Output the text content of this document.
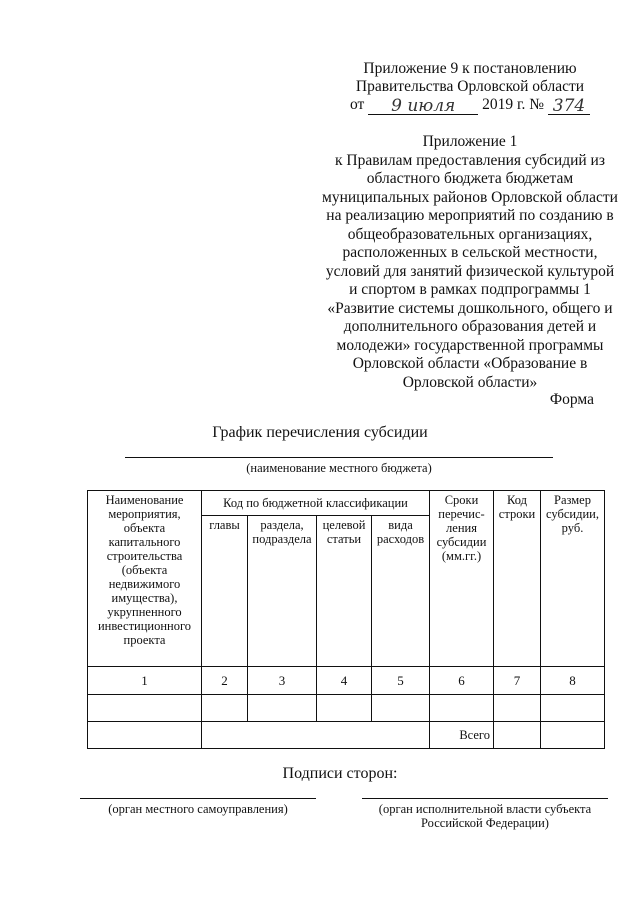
Приложение 9 к постановлению
Правительства Орловской области
от	9 июля	2019 г. № 374
Приложение 1
к Правилам предоставления субсидий из
областного бюджета бюджетам
муниципальных районов Орловской области
на реализацию мероприятий по созданию в
общеобразовательных организациях,
расположенных в сельской местности,
условий для занятий физической культурой
и спортом в рамках подпрограммы 1
«Развитие системы дошкольного, общего и
дополнительного образования детей и
молодежи» государственной программы
Орловской области «Образование в
Орловской области»
Форма
График перечисления субсидии
(наименование местного бюджета)
Наименование мероприятия, объекта капитального строительства (объекта недвижимого имущества), укрупненного инвестиционного проекта	Код по бюджетной классификации				Сроки перечис-ления субсидии (мм.гг.)	Код строки	Размер субсидии, руб.
	главы	раздела, подраздела	целевой статьи	вида расходов			
1	2	3	4	5	6	7	8

					Всего		
Подписи сторон:
(орган местного самоуправления)	(орган исполнительной власти субъекта
Российской Федерации)
